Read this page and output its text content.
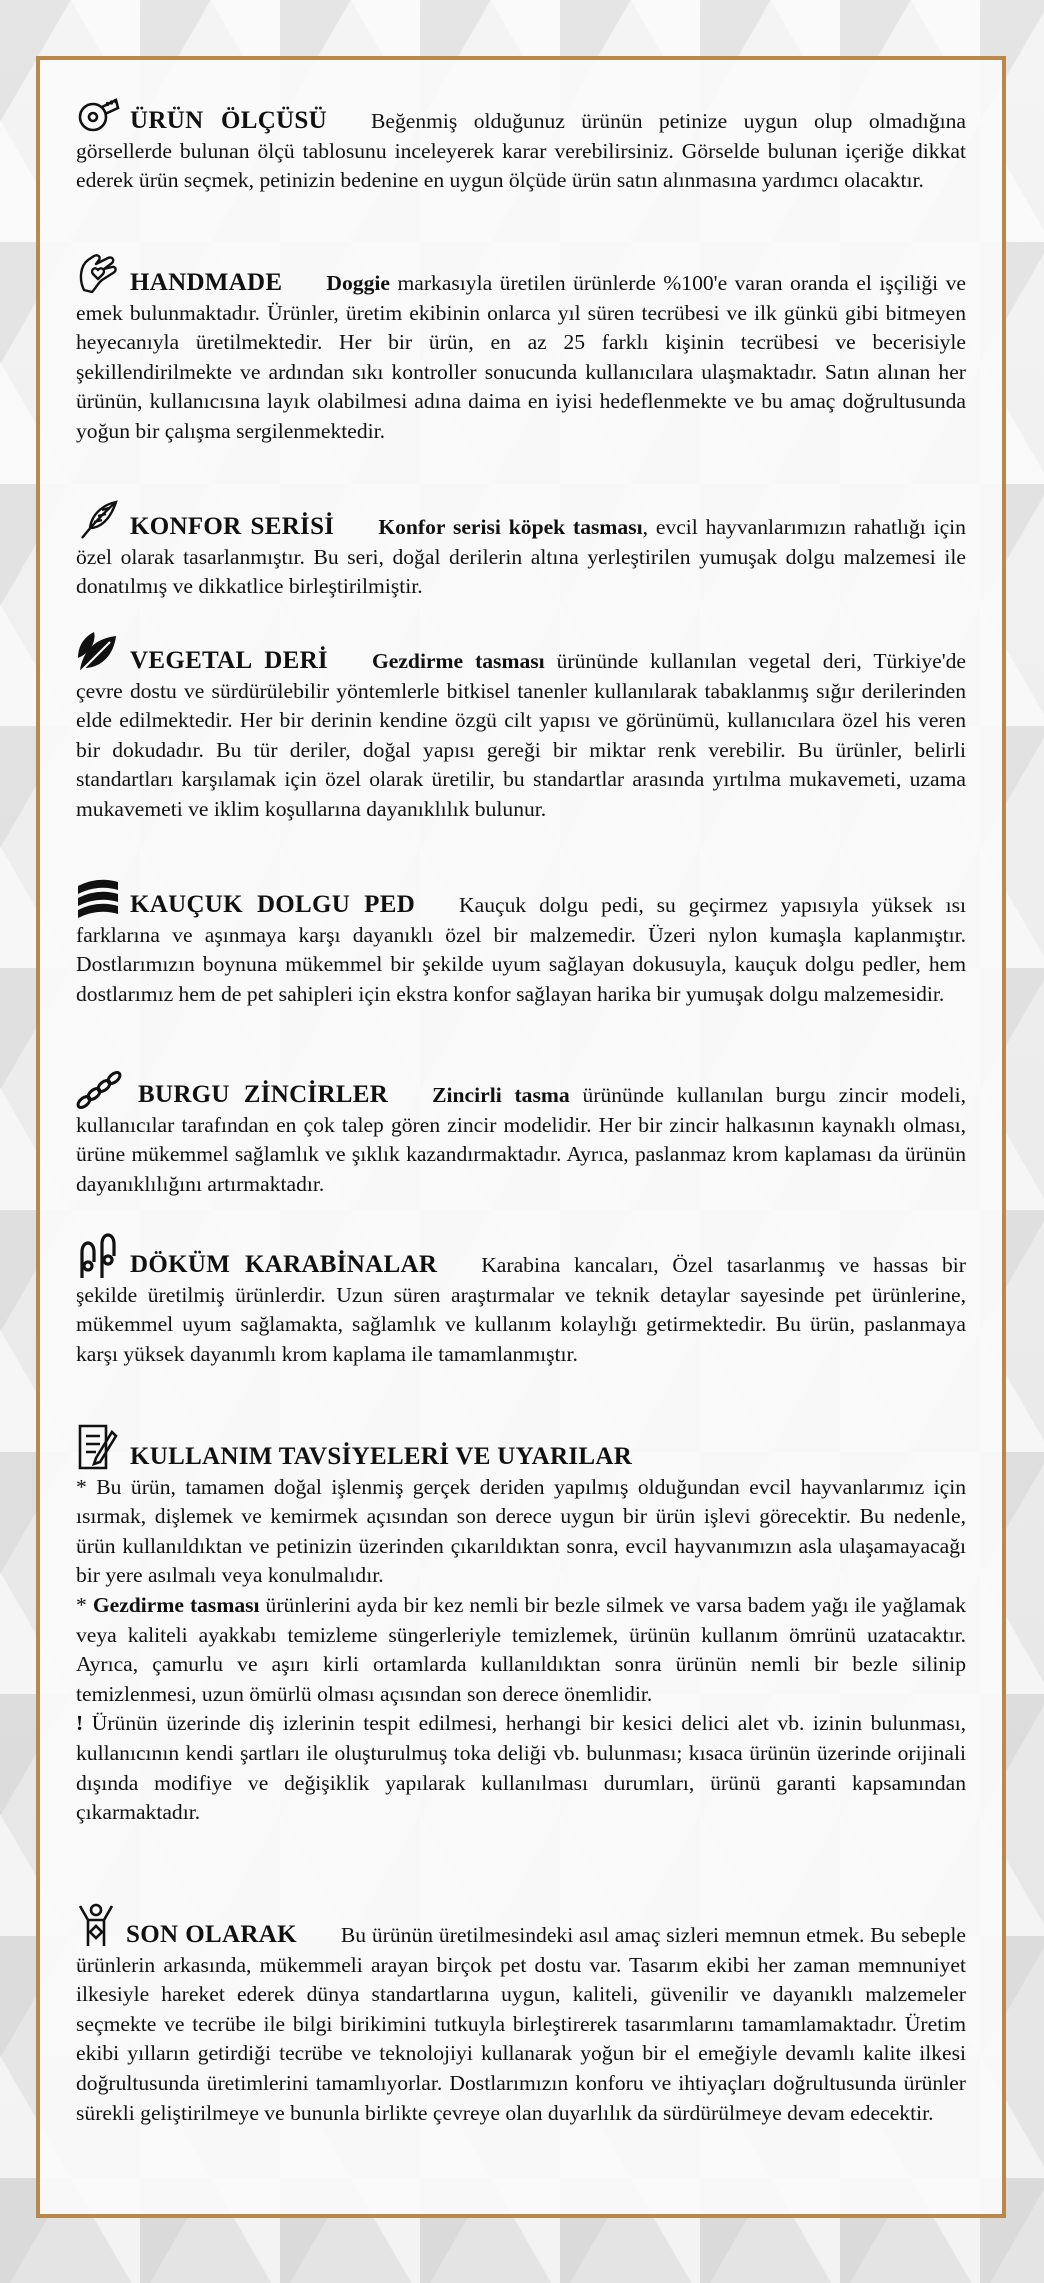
ÜRÜN ÖLÇÜSÜ Beğenmiş olduğunuz ürünün petinize uygun olup olmadığına görsellerde bulunan ölçü tablosunu inceleyerek karar verebilirsiniz. Görselde bulunan içeriğe dikkat ederek ürün seçmek, petinizin bedenine en uygun ölçüde ürün satın alınmasına yardımcı olacaktır.

HANDMADE Doggie markasıyla üretilen ürünlerde %100'e varan oranda el işçiliği ve emek bulunmaktadır. Ürünler, üretim ekibinin onlarca yıl süren tecrübesi ve ilk günkü gibi bitmeyen heyecanıyla üretilmektedir. Her bir ürün, en az 25 farklı kişinin tecrübesi ve becerisiyle şekillendirilmekte ve ardından sıkı kontroller sonucunda kullanıcılara ulaşmaktadır. Satın alınan her ürünün, kullanıcısına layık olabilmesi adına daima en iyisi hedeflenmekte ve bu amaç doğrultusunda yoğun bir çalışma sergilenmektedir.

KONFOR SERİSİ Konfor serisi köpek tasması, evcil hayvanlarımızın rahatlığı için özel olarak tasarlanmıştır. Bu seri, doğal derilerin altına yerleştirilen yumuşak dolgu malzemesi ile donatılmış ve dikkatlice birleştirilmiştir.

VEGETAL DERİ Gezdirme tasması ürününde kullanılan vegetal deri, Türkiye'de çevre dostu ve sürdürülebilir yöntemlerle bitkisel tanenler kullanılarak tabaklanmış sığır derilerinden elde edilmektedir. Her bir derinin kendine özgü cilt yapısı ve görünümü, kullanıcılara özel his veren bir dokudadır. Bu tür deriler, doğal yapısı gereği bir miktar renk verebilir. Bu ürünler, belirli standartları karşılamak için özel olarak üretilir, bu standartlar arasında yırtılma mukavemeti, uzama mukavemeti ve iklim koşullarına dayanıklılık bulunur.

KAUÇUK DOLGU PED Kauçuk dolgu pedi, su geçirmez yapısıyla yüksek ısı farklarına ve aşınmaya karşı dayanıklı özel bir malzemedir. Üzeri nylon kumaşla kaplanmıştır. Dostlarımızın boynuna mükemmel bir şekilde uyum sağlayan dokusuyla, kauçuk dolgu pedler, hem dostlarımız hem de pet sahipleri için ekstra konfor sağlayan harika bir yumuşak dolgu malzemesidir.

BURGU ZİNCİRLER Zincirli tasma ürününde kullanılan burgu zincir modeli, kullanıcılar tarafından en çok talep gören zincir modelidir. Her bir zincir halkasının kaynaklı olması, ürüne mükemmel sağlamlık ve şıklık kazandırmaktadır. Ayrıca, paslanmaz krom kaplaması da ürünün dayanıklılığını artırmaktadır.

DÖKÜM KARABİNALAR Karabina kancaları, Özel tasarlanmış ve hassas bir şekilde üretilmiş ürünlerdir. Uzun süren araştırmalar ve teknik detaylar sayesinde pet ürünlerine, mükemmel uyum sağlamakta, sağlamlık ve kullanım kolaylığı getirmektedir. Bu ürün, paslanmaya karşı yüksek dayanımlı krom kaplama ile tamamlanmıştır.

KULLANIM TAVSİYELERİ VE UYARILAR
* Bu ürün, tamamen doğal işlenmiş gerçek deriden yapılmış olduğundan evcil hayvanlarımız için ısırmak, dişlemek ve kemirmek açısından son derece uygun bir ürün işlevi görecektir. Bu nedenle, ürün kullanıldıktan ve petinizin üzerinden çıkarıldıktan sonra, evcil hayvanımızın asla ulaşamayacağı bir yere asılmalı veya konulmalıdır.
* Gezdirme tasması ürünlerini ayda bir kez nemli bir bezle silmek ve varsa badem yağı ile yağlamak veya kaliteli ayakkabı temizleme süngerleriyle temizlemek, ürünün kullanım ömrünü uzatacaktır. Ayrıca, çamurlu ve aşırı kirli ortamlarda kullanıldıktan sonra ürünün nemli bir bezle silinip temizlenmesi, uzun ömürlü olması açısından son derece önemlidir.
! Ürünün üzerinde diş izlerinin tespit edilmesi, herhangi bir kesici delici alet vb. izinin bulunması, kullanıcının kendi şartları ile oluşturulmuş toka deliği vb. bulunması; kısaca ürünün üzerinde orijinali dışında modifiye ve değişiklik yapılarak kullanılması durumları, ürünü garanti kapsamından çıkarmaktadır.

SON OLARAK Bu ürünün üretilmesindeki asıl amaç sizleri memnun etmek. Bu sebeple ürünlerin arkasında, mükemmeli arayan birçok pet dostu var. Tasarım ekibi her zaman memnuniyet ilkesiyle hareket ederek dünya standartlarına uygun, kaliteli, güvenilir ve dayanıklı malzemeler seçmekte ve tecrübe ile bilgi birikimini tutkuyla birleştirerek tasarımlarını tamamlamaktadır. Üretim ekibi yılların getirdiği tecrübe ve teknolojiyi kullanarak yoğun bir el emeğiyle devamlı kalite ilkesi doğrultusunda üretimlerini tamamlıyorlar. Dostlarımızın konforu ve ihtiyaçları doğrultusunda ürünler sürekli geliştirilmeye ve bununla birlikte çevreye olan duyarlılık da sürdürülmeye devam edecektir.
